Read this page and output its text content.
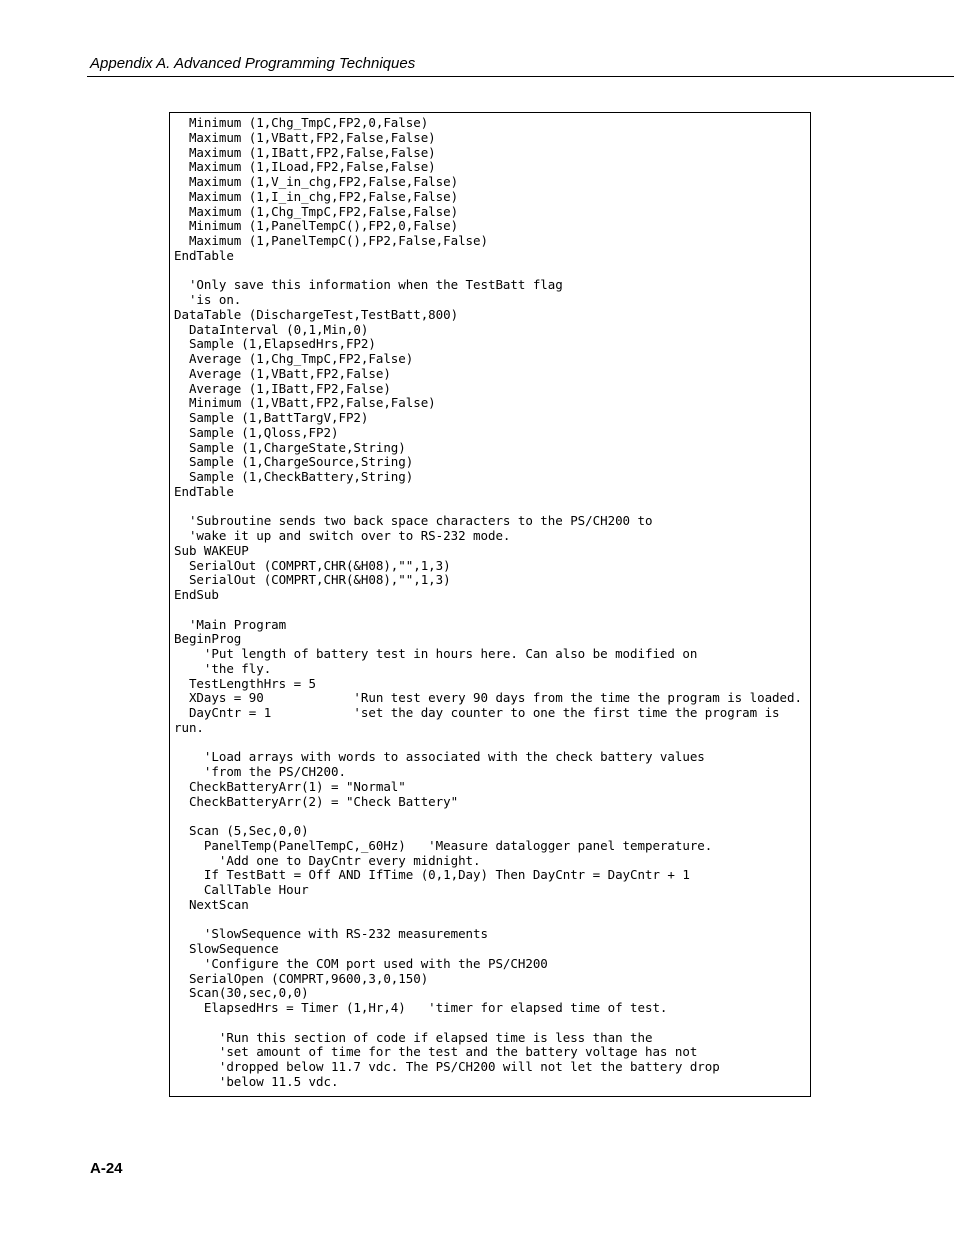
Appendix A. Advanced Programming Techniques
Minimum (1,Chg_TmpC,FP2,0,False)
Maximum (1,VBatt,FP2,False,False)
Maximum (1,IBatt,FP2,False,False)
Maximum (1,ILoad,FP2,False,False)
Maximum (1,V_in_chg,FP2,False,False)
Maximum (1,I_in_chg,FP2,False,False)
Maximum (1,Chg_TmpC,FP2,False,False)
Minimum (1,PanelTempC(),FP2,0,False)
Maximum (1,PanelTempC(),FP2,False,False)
EndTable

'Only save this information when the TestBatt flag
'is on.
DataTable (DischargeTest,TestBatt,800)
DataInterval (0,1,Min,0)
Sample (1,ElapsedHrs,FP2)
Average (1,Chg_TmpC,FP2,False)
Average (1,VBatt,FP2,False)
Average (1,IBatt,FP2,False)
Minimum (1,VBatt,FP2,False,False)
Sample (1,BattTargV,FP2)
Sample (1,Qloss,FP2)
Sample (1,ChargeState,String)
Sample (1,ChargeSource,String)
Sample (1,CheckBattery,String)
EndTable

'Subroutine sends two back space characters to the PS/CH200 to
'wake it up and switch over to RS-232 mode.
Sub WAKEUP
SerialOut (COMPRT,CHR(&H08),"",1,3)
SerialOut (COMPRT,CHR(&H08),"",1,3)
EndSub

'Main Program
BeginProg
'Put length of battery test in hours here. Can also be modified on
'the fly.
TestLengthHrs = 5
XDays = 90            'Run test every 90 days from the time the program is loaded.
DayCntr = 1           'set the day counter to one the first time the program is
run.

'Load arrays with words to associated with the check battery values
'from the PS/CH200.
CheckBatteryArr(1) = "Normal"
CheckBatteryArr(2) = "Check Battery"

Scan (5,Sec,0,0)
PanelTemp(PanelTempC,_60Hz)   'Measure datalogger panel temperature.
'Add one to DayCntr every midnight.
If TestBatt = Off AND IfTime (0,1,Day) Then DayCntr = DayCntr + 1
CallTable Hour
NextScan

'SlowSequence with RS-232 measurements
SlowSequence
'Configure the COM port used with the PS/CH200
SerialOpen (COMPRT,9600,3,0,150)
Scan(30,sec,0,0)
ElapsedHrs = Timer (1,Hr,4)   'timer for elapsed time of test.

'Run this section of code if elapsed time is less than the
'set amount of time for the test and the battery voltage has not
'dropped below 11.7 vdc. The PS/CH200 will not let the battery drop
'below 11.5 vdc.
A-24
